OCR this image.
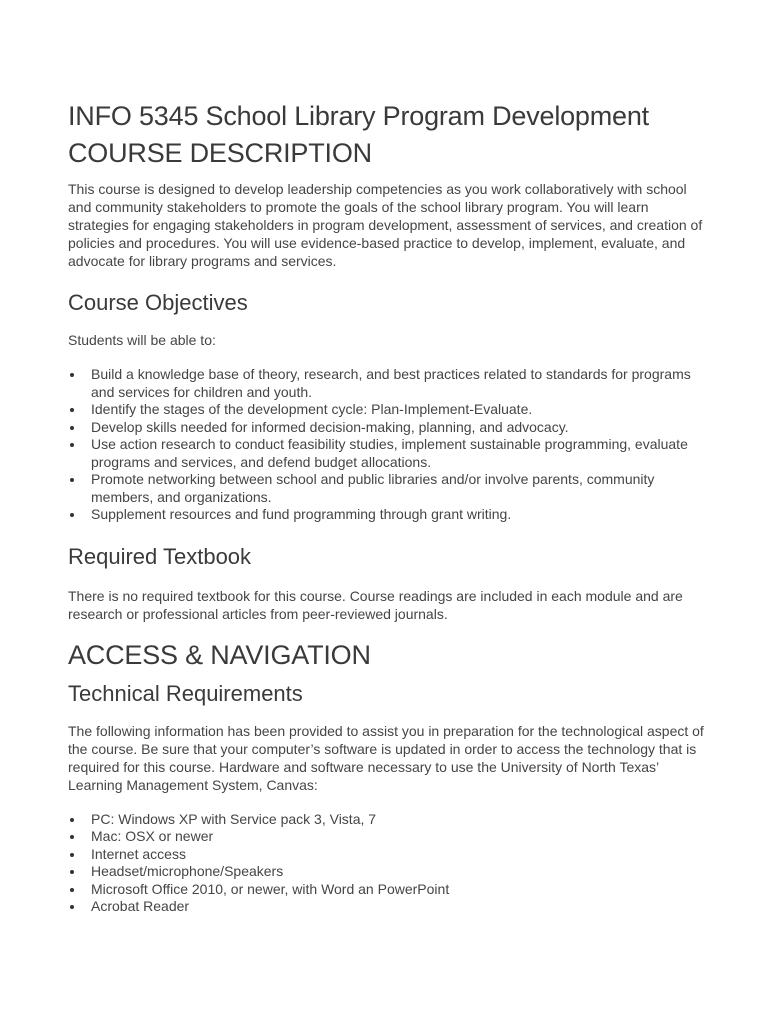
INFO 5345 School Library Program Development
COURSE DESCRIPTION

This course is designed to develop leadership competencies as you work collaboratively with school and community stakeholders to promote the goals of the school library program. You will learn strategies for engaging stakeholders in program development, assessment of services, and creation of policies and procedures. You will use evidence-based practice to develop, implement, evaluate, and advocate for library programs and services.

Course Objectives

Students will be able to:

Build a knowledge base of theory, research, and best practices related to standards for programs and services for children and youth.
Identify the stages of the development cycle: Plan-Implement-Evaluate.
Develop skills needed for informed decision-making, planning, and advocacy.
Use action research to conduct feasibility studies, implement sustainable programming, evaluate programs and services, and defend budget allocations.
Promote networking between school and public libraries and/or involve parents, community members, and organizations.
Supplement resources and fund programming through grant writing.
Required Textbook

There is no required textbook for this course. Course readings are included in each module and are research or professional articles from peer-reviewed journals.

ACCESS & NAVIGATION
Technical Requirements

The following information has been provided to assist you in preparation for the technological aspect of the course. Be sure that your computer’s software is updated in order to access the technology that is required for this course. Hardware and software necessary to use the University of North Texas’ Learning Management System, Canvas:

PC: Windows XP with Service pack 3, Vista, 7
Mac: OSX or newer
Internet access
Headset/microphone/Speakers
Microsoft Office 2010, or newer, with Word an PowerPoint
Acrobat Reader
